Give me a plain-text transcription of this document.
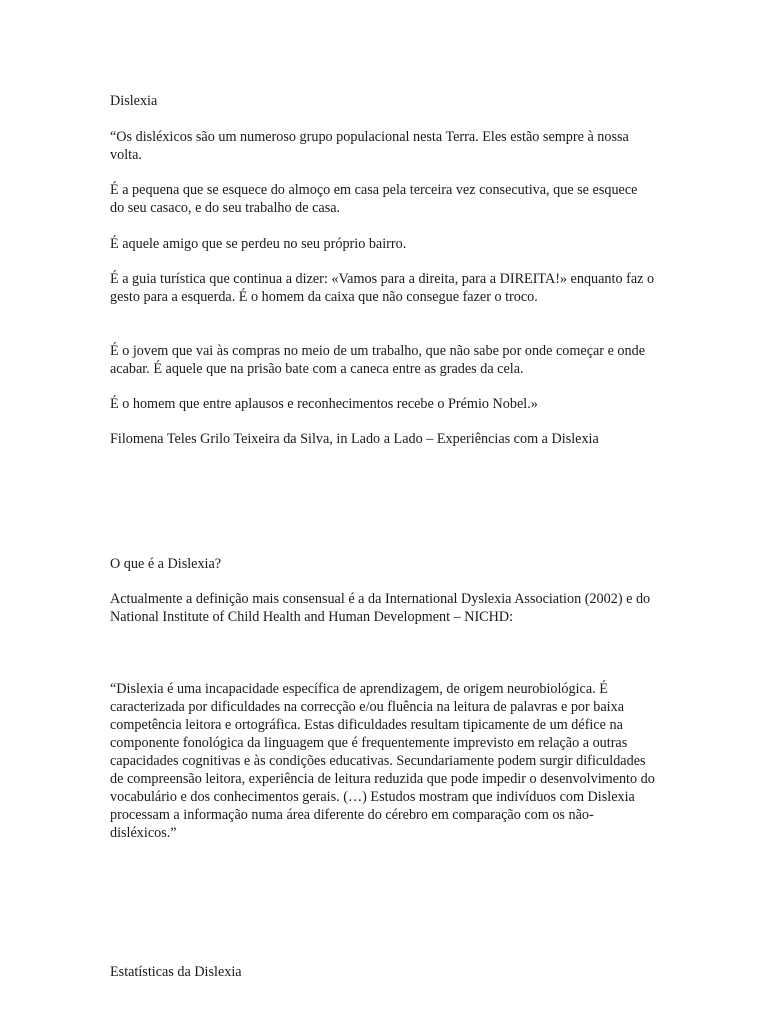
Dislexia

“Os disléxicos são um numeroso grupo populacional nesta Terra. Eles estão sempre à nossa volta.

É a pequena que se esquece do almoço em casa pela terceira vez consecutiva, que se esquece do seu casaco, e do seu trabalho de casa.

É aquele amigo que se perdeu no seu próprio bairro.

É a guia turística que continua a dizer: «Vamos para a direita, para a DIREITA!» enquanto faz o gesto para a esquerda. É o homem da caixa que não consegue fazer o troco.

É o jovem que vai às compras no meio de um trabalho, que não sabe por onde começar e onde acabar. É aquele que na prisão bate com a caneca entre as grades da cela.

É o homem que entre aplausos e reconhecimentos recebe o Prémio Nobel.»

Filomena Teles Grilo Teixeira da Silva, in Lado a Lado – Experiências com a Dislexia

O que é a Dislexia?

Actualmente a definição mais consensual é a da International Dyslexia Association (2002) e do National Institute of Child Health and Human Development – NICHD:

“Dislexia é uma incapacidade específica de aprendizagem, de origem neurobiológica. É caracterizada por dificuldades na correcção e/ou fluência na leitura de palavras e por baixa competência leitora e ortográfica. Estas dificuldades resultam tipicamente de um défice na componente fonológica da linguagem que é frequentemente imprevisto em relação a outras capacidades cognitivas e às condições educativas. Secundariamente podem surgir dificuldades de compreensão leitora, experiência de leitura reduzida que pode impedir o desenvolvimento do vocabulário e dos conhecimentos gerais. (…) Estudos mostram que indivíduos com Dislexia processam a informação numa área diferente do cérebro em comparação com os não-disléxicos.”

Estatísticas da Dislexia
